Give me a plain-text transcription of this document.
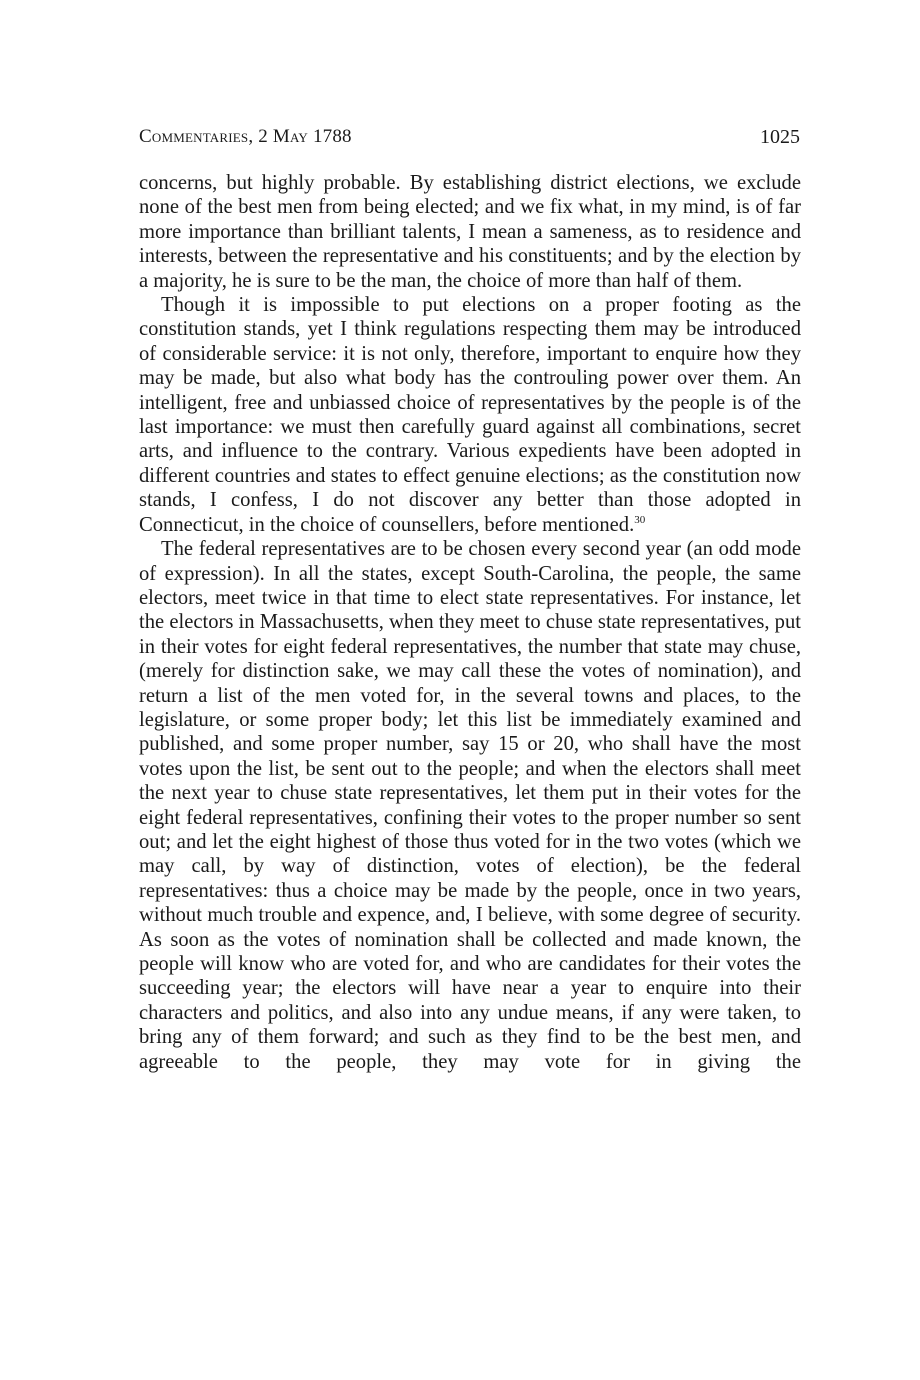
Commentaries, 2 May 1788	1025

concerns, but highly probable. By establishing district elections, we exclude none of the best men from being elected; and we fix what, in my mind, is of far more importance than brilliant talents, I mean a sameness, as to residence and interests, between the representative and his constituents; and by the election by a majority, he is sure to be the man, the choice of more than half of them.

Though it is impossible to put elections on a proper footing as the constitution stands, yet I think regulations respecting them may be introduced of considerable service: it is not only, therefore, important to enquire how they may be made, but also what body has the controuling power over them. An intelligent, free and unbiassed choice of representatives by the people is of the last importance: we must then carefully guard against all combinations, secret arts, and influence to the contrary. Various expedients have been adopted in different countries and states to effect genuine elections; as the constitution now stands, I confess, I do not discover any better than those adopted in Connecticut, in the choice of counsellers, before mentioned.$^{30}$

The federal representatives are to be chosen every second year (an odd mode of expression). In all the states, except South-Carolina, the people, the same electors, meet twice in that time to elect state representatives. For instance, let the electors in Massachusetts, when they meet to chuse state representatives, put in their votes for eight federal representatives, the number that state may chuse, (merely for distinction sake, we may call these the votes of nomination), and return a list of the men voted for, in the several towns and places, to the legislature, or some proper body; let this list be immediately examined and published, and some proper number, say 15 or 20, who shall have the most votes upon the list, be sent out to the people; and when the electors shall meet the next year to chuse state representatives, let them put in their votes for the eight federal representatives, confining their votes to the proper number so sent out; and let the eight highest of those thus voted for in the two votes (which we may call, by way of distinction, votes of election), be the federal representatives: thus a choice may be made by the people, once in two years, without much trouble and expence, and, I believe, with some degree of security. As soon as the votes of nomination shall be collected and made known, the people will know who are voted for, and who are candidates for their votes the succeeding year; the electors will have near a year to enquire into their characters and politics, and also into any undue means, if any were taken, to bring any of them forward; and such as they find to be the best men, and agreeable to the people, they may vote for in giving the
